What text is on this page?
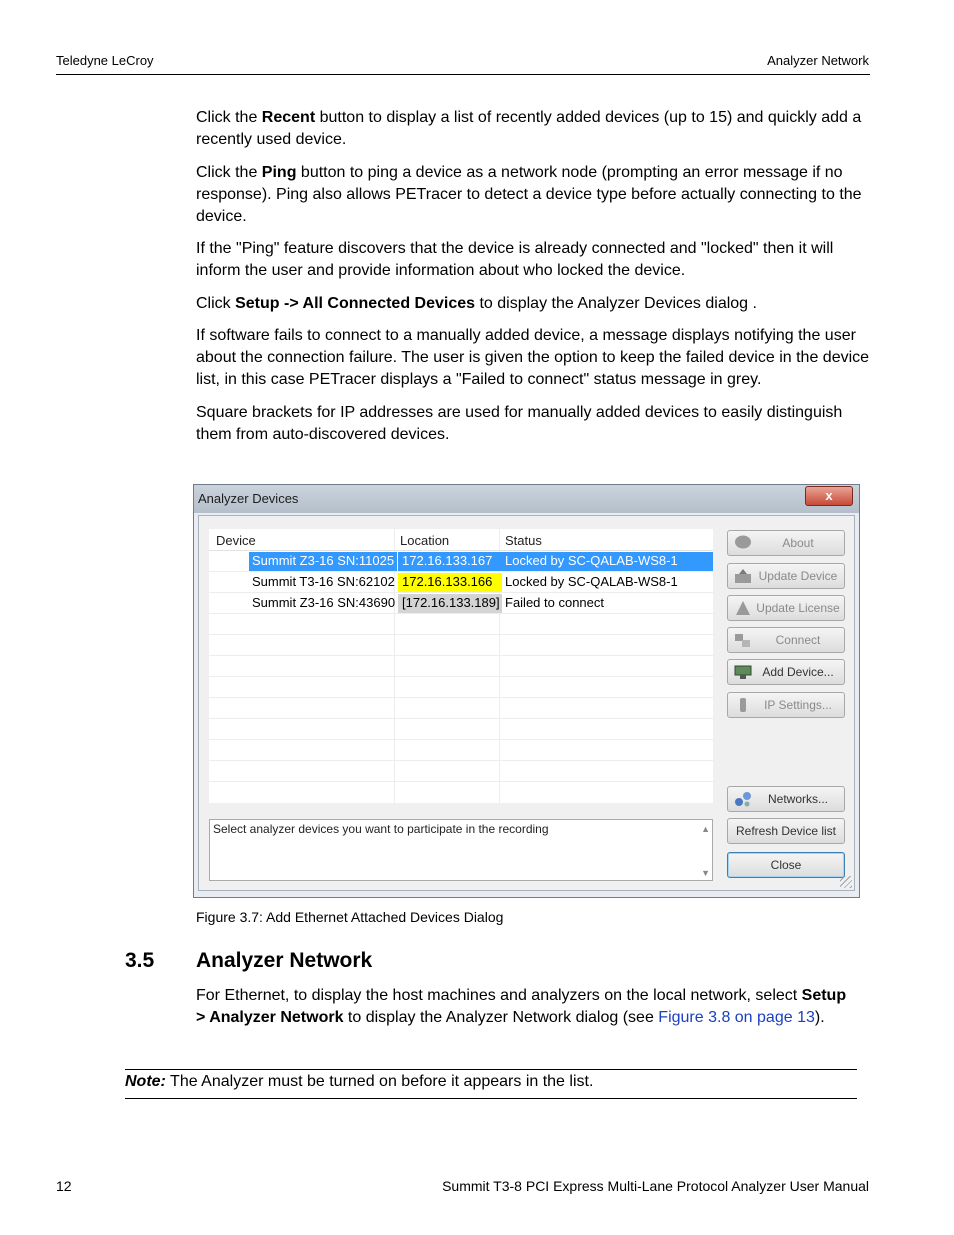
Teledyne LeCroy	Analyzer Network
Click the Recent button to display a list of recently added devices (up to 15) and quickly add a recently used device.
Click the Ping button to ping a device as a network node (prompting an error message if no response). Ping also allows PETracer to detect a device type before actually connecting to the device.
If the "Ping" feature discovers that the device is already connected and "locked" then it will inform the user and provide information about who locked the device.
Click Setup -> All Connected Devices to display the Analyzer Devices dialog .
If software fails to connect to a manually added device, a message displays notifying the user about the connection failure. The user is given the option to keep the failed device in the device list, in this case PETracer displays a "Failed to connect" status message in grey.
Square brackets for IP addresses are used for manually added devices to easily distinguish them from auto-discovered devices.
Analyzer Devices	x
Device	Location	Status
Summit Z3-16 SN:11025 172.16.133.167 Locked by SC-QALAB-WS8-1
Summit T3-16 SN:62102 172.16.133.166 Locked by SC-QALAB-WS8-1
Summit Z3-16 SN:43690 [172.16.133.189] Failed to connect
Select analyzer devices you want to participate in the recording	▲
▼
About
Update Device
Update License
Connect
Add Device...
IP Settings...
Networks...
Refresh Device list
Close
Figure 3.7: Add Ethernet Attached Devices Dialog
3.5 Analyzer Network
For Ethernet, to display the host machines and analyzers on the local network, select Setup > Analyzer Network to display the Analyzer Network dialog (see Figure 3.8 on page 13).
Note: The Analyzer must be turned on before it appears in the list.
12	Summit T3-8 PCI Express Multi-Lane Protocol Analyzer User Manual
